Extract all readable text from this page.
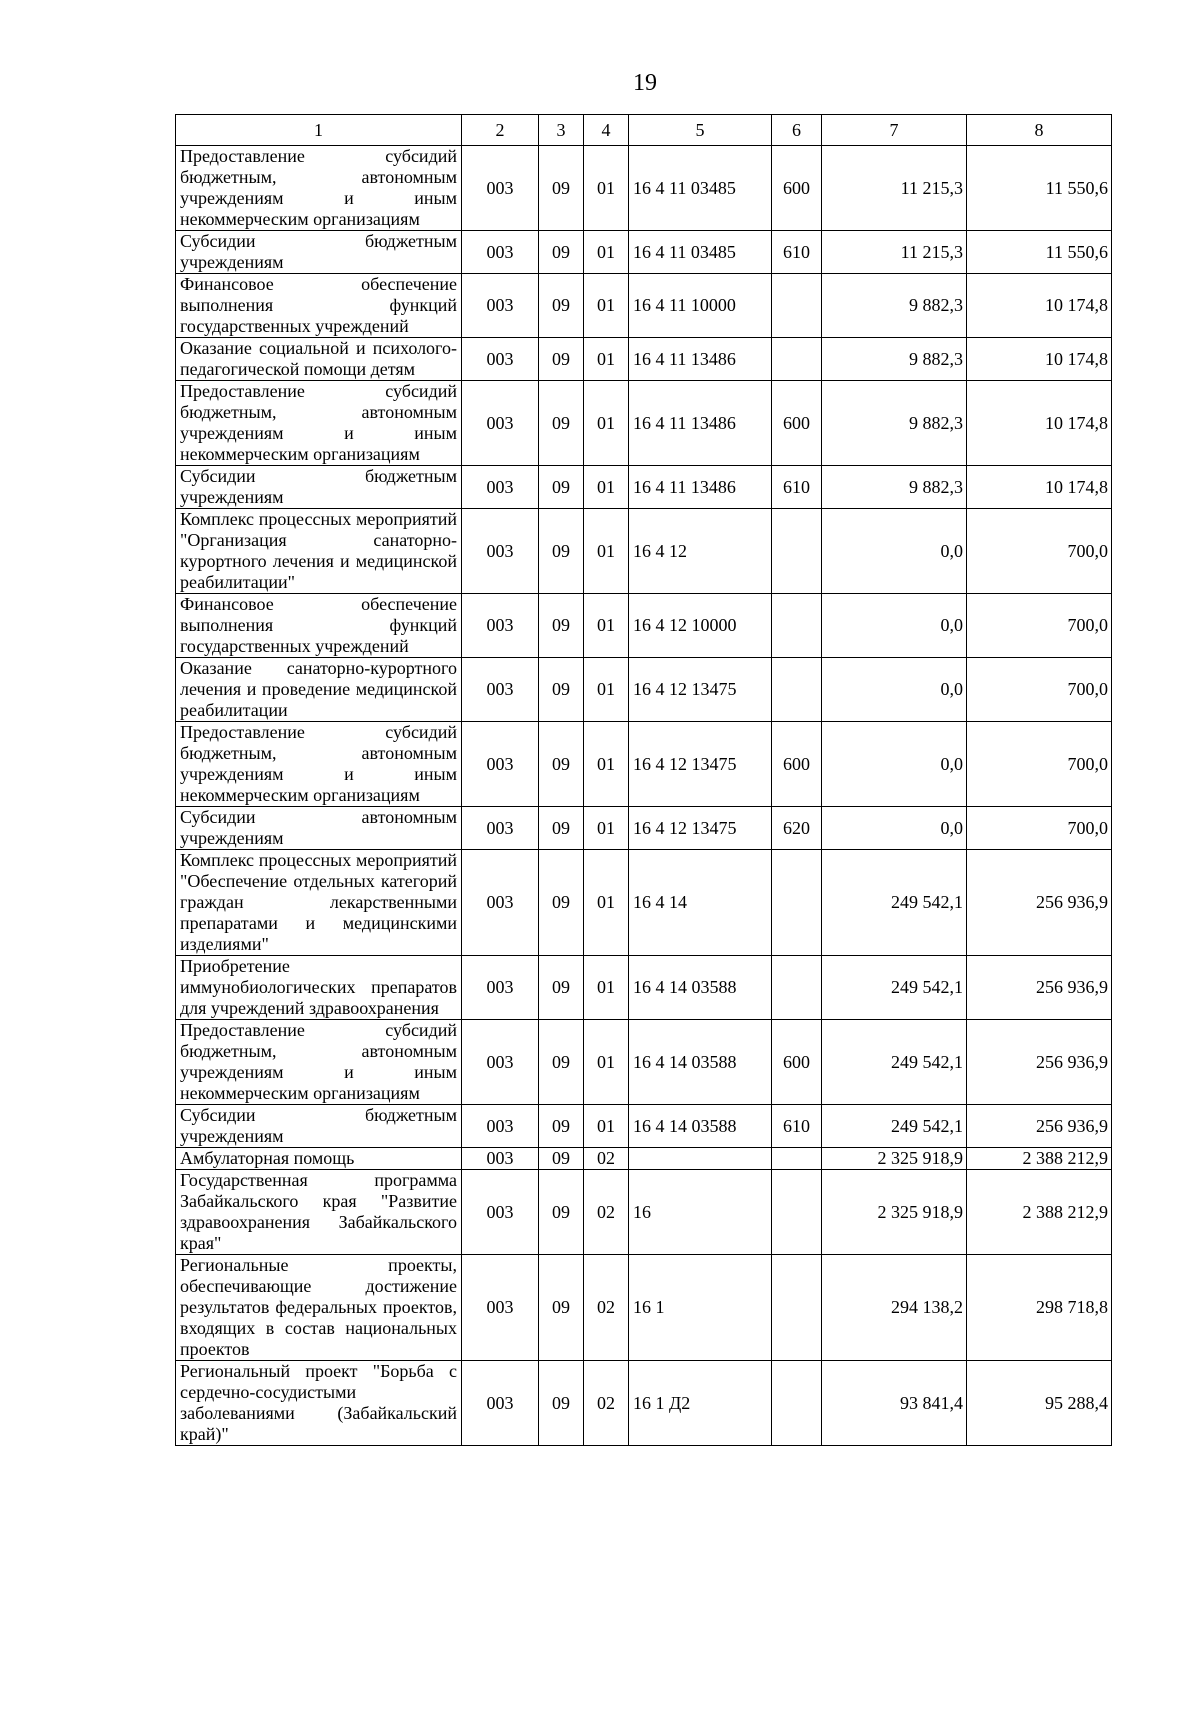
19
1	2	3	4	5	6	7	8
Предоставление субсидий бюджетным, автономным учреждениям и иным некоммерческим организациям	003	09	01	16 4 11 03485	600	11 215,3	11 550,6
Субсидии бюджетным учреждениям	003	09	01	16 4 11 03485	610	11 215,3	11 550,6
Финансовое обеспечение выполнения функций государственных учреждений	003	09	01	16 4 11 10000		9 882,3	10 174,8
Оказание социальной и психолого-педагогической помощи детям	003	09	01	16 4 11 13486		9 882,3	10 174,8
Предоставление субсидий бюджетным, автономным учреждениям и иным некоммерческим организациям	003	09	01	16 4 11 13486	600	9 882,3	10 174,8
Субсидии бюджетным учреждениям	003	09	01	16 4 11 13486	610	9 882,3	10 174,8
Комплекс процессных мероприятий "Организация санаторно-курортного лечения и медицинской реабилитации"	003	09	01	16 4 12		0,0	700,0
Финансовое обеспечение выполнения функций государственных учреждений	003	09	01	16 4 12 10000		0,0	700,0
Оказание санаторно-курортного лечения и проведение медицинской реабилитации	003	09	01	16 4 12 13475		0,0	700,0
Предоставление субсидий бюджетным, автономным учреждениям и иным некоммерческим организациям	003	09	01	16 4 12 13475	600	0,0	700,0
Субсидии автономным учреждениям	003	09	01	16 4 12 13475	620	0,0	700,0
Комплекс процессных мероприятий "Обеспечение отдельных категорий граждан лекарственными препаратами и медицинскими изделиями"	003	09	01	16 4 14		249 542,1	256 936,9
Приобретение иммунобиологических препаратов для учреждений здравоохранения	003	09	01	16 4 14 03588		249 542,1	256 936,9
Предоставление субсидий бюджетным, автономным учреждениям и иным некоммерческим организациям	003	09	01	16 4 14 03588	600	249 542,1	256 936,9
Субсидии бюджетным учреждениям	003	09	01	16 4 14 03588	610	249 542,1	256 936,9
Амбулаторная помощь	003	09	02			2 325 918,9	2 388 212,9
Государственная программа Забайкальского края "Развитие здравоохранения Забайкальского края"	003	09	02	16		2 325 918,9	2 388 212,9
Региональные проекты, обеспечивающие достижение результатов федеральных проектов, входящих в состав национальных проектов	003	09	02	16 1		294 138,2	298 718,8
Региональный проект "Борьба с сердечно-сосудистыми заболеваниями (Забайкальский край)"	003	09	02	16 1 Д2		93 841,4	95 288,4
